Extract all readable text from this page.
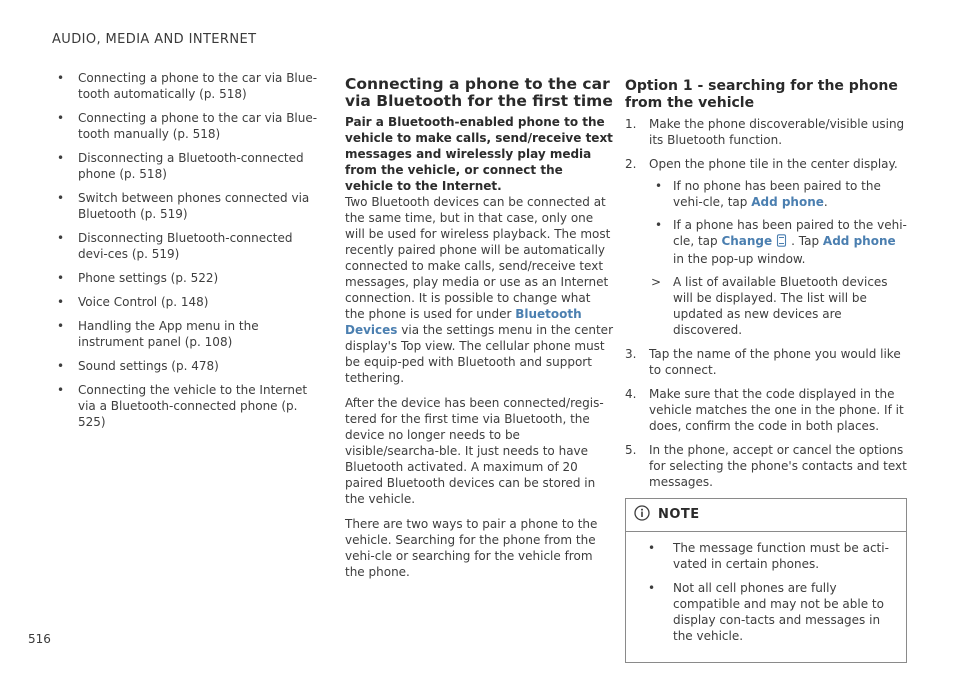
AUDIO, MEDIA AND INTERNET
• Connecting a phone to the car via Blue-tooth automatically (p. 518)
• Connecting a phone to the car via Blue-tooth manually (p. 518)
• Disconnecting a Bluetooth-connected phone (p. 518)
• Switch between phones connected via Bluetooth (p. 519)
• Disconnecting Bluetooth-connected devi-ces (p. 519)
• Phone settings (p. 522)
• Voice Control (p. 148)
• Handling the App menu in the instrument panel (p. 108)
• Sound settings (p. 478)
• Connecting the vehicle to the Internet via a Bluetooth-connected phone (p. 525)
Connecting a phone to the car via Bluetooth for the first time
Pair a Bluetooth-enabled phone to the vehicle to make calls, send/receive text messages and wirelessly play media from the vehicle, or connect the vehicle to the Internet.

Two Bluetooth devices can be connected at the same time, but in that case, only one will be used for wireless playback. The most recently paired phone will be automatically connected to make calls, send/receive text messages, play media or use as an Internet connection. It is possible to change what the phone is used for under Bluetooth Devices via the settings menu in the center display's Top view. The cellular phone must be equip-ped with Bluetooth and support tethering.

After the device has been connected/regis-tered for the first time via Bluetooth, the device no longer needs to be visible/searcha-ble. It just needs to have Bluetooth activated. A maximum of 20 paired Bluetooth devices can be stored in the vehicle.

There are two ways to pair a phone to the vehicle. Searching for the phone from the vehi-cle or searching for the vehicle from the phone.

Option 1 - searching for the phone from the vehicle
1. Make the phone discoverable/visible using its Bluetooth function.
2. Open the phone tile in the center display.
• If no phone has been paired to the vehi-cle, tap Add phone.
• If a phone has been paired to the vehi-cle, tap Change . Tap Add phone in the pop-up window.
> A list of available Bluetooth devices will be displayed. The list will be updated as new devices are discovered.
3. Tap the name of the phone you would like to connect.
4. Make sure that the code displayed in the vehicle matches the one in the phone. If it does, confirm the code in both places.
5. In the phone, accept or cancel the options for selecting the phone's contacts and text messages.
NOTE
• The message function must be acti-vated in certain phones.
• Not all cell phones are fully compatible and may not be able to display con-tacts and messages in the vehicle.
516
